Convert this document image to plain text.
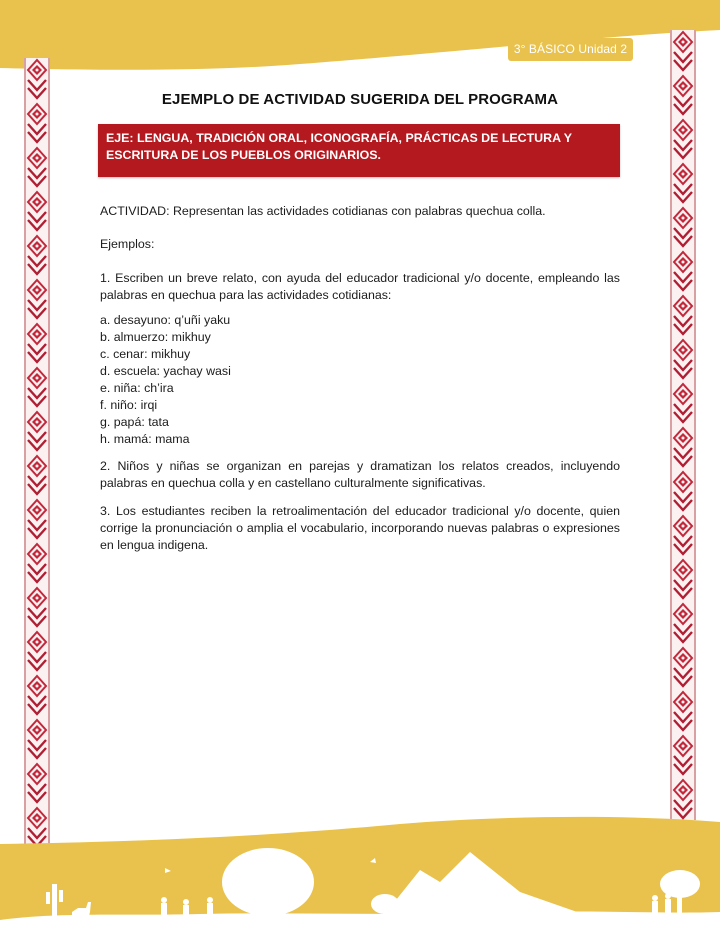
3° BÁSICO Unidad 2
EJEMPLO DE ACTIVIDAD SUGERIDA DEL PROGRAMA
EJE: LENGUA, TRADICIÓN ORAL, ICONOGRAFÍA, PRÁCTICAS DE LECTURA Y ESCRITURA DE LOS PUEBLOS ORIGINARIOS.
ACTIVIDAD: Representan las actividades cotidianas con palabras quechua colla.
Ejemplos:
1. Escriben un breve relato, con ayuda del educador tradicional y/o docente, empleando las palabras en quechua para las actividades cotidianas:
a. desayuno: q’uñi yaku
b. almuerzo: mikhuy
c. cenar: mikhuy
d. escuela: yachay wasi
e. niña: ch’ira
f. niño: irqi
g. papá: tata
h. mamá: mama
2. Niños y niñas se organizan en parejas y dramatizan los relatos creados, incluyendo palabras en quechua colla y en castellano culturalmente significativas.
3. Los estudiantes reciben la retroalimentación del educador tradicional y/o docente, quien corrige la pronunciación o amplia el vocabulario, incorporando nuevas palabras o expresiones en lengua indigena.
